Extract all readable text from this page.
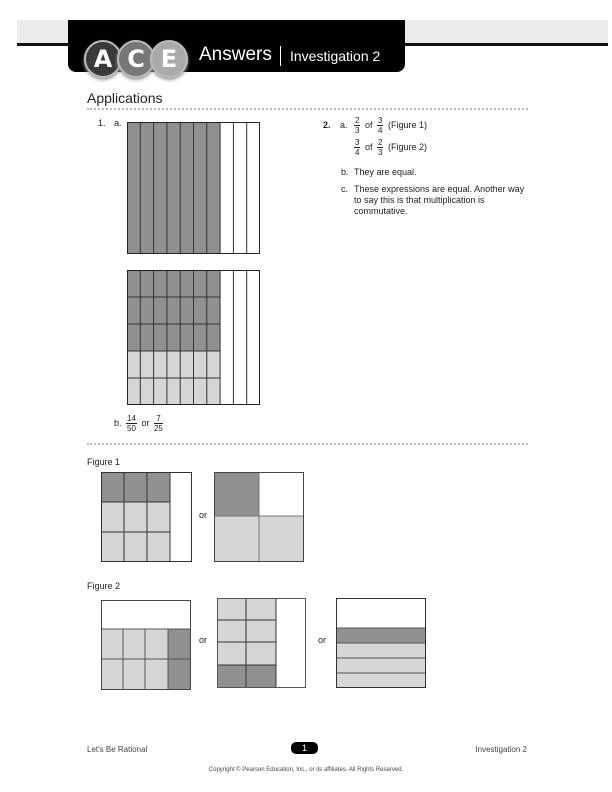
A C E	Answers Investigation 2
Applications
1. a.
b. $\frac{14}{50}$ or $\frac{7}{25}$
2. a. $\frac{2}{3}$ of $\frac{3}{4}$ (Figure 1)
$\frac{3}{4}$ of $\frac{2}{3}$ (Figure 2)
b. They are equal.
c. These expressions are equal. Another way to say this is that multiplication is commutative.
Figure 1
or
Figure 2
or	or
Let's Be Rational	1	Investigation 2
Copyright © Pearson Education, Inc., or its affiliates. All Rights Reserved.
